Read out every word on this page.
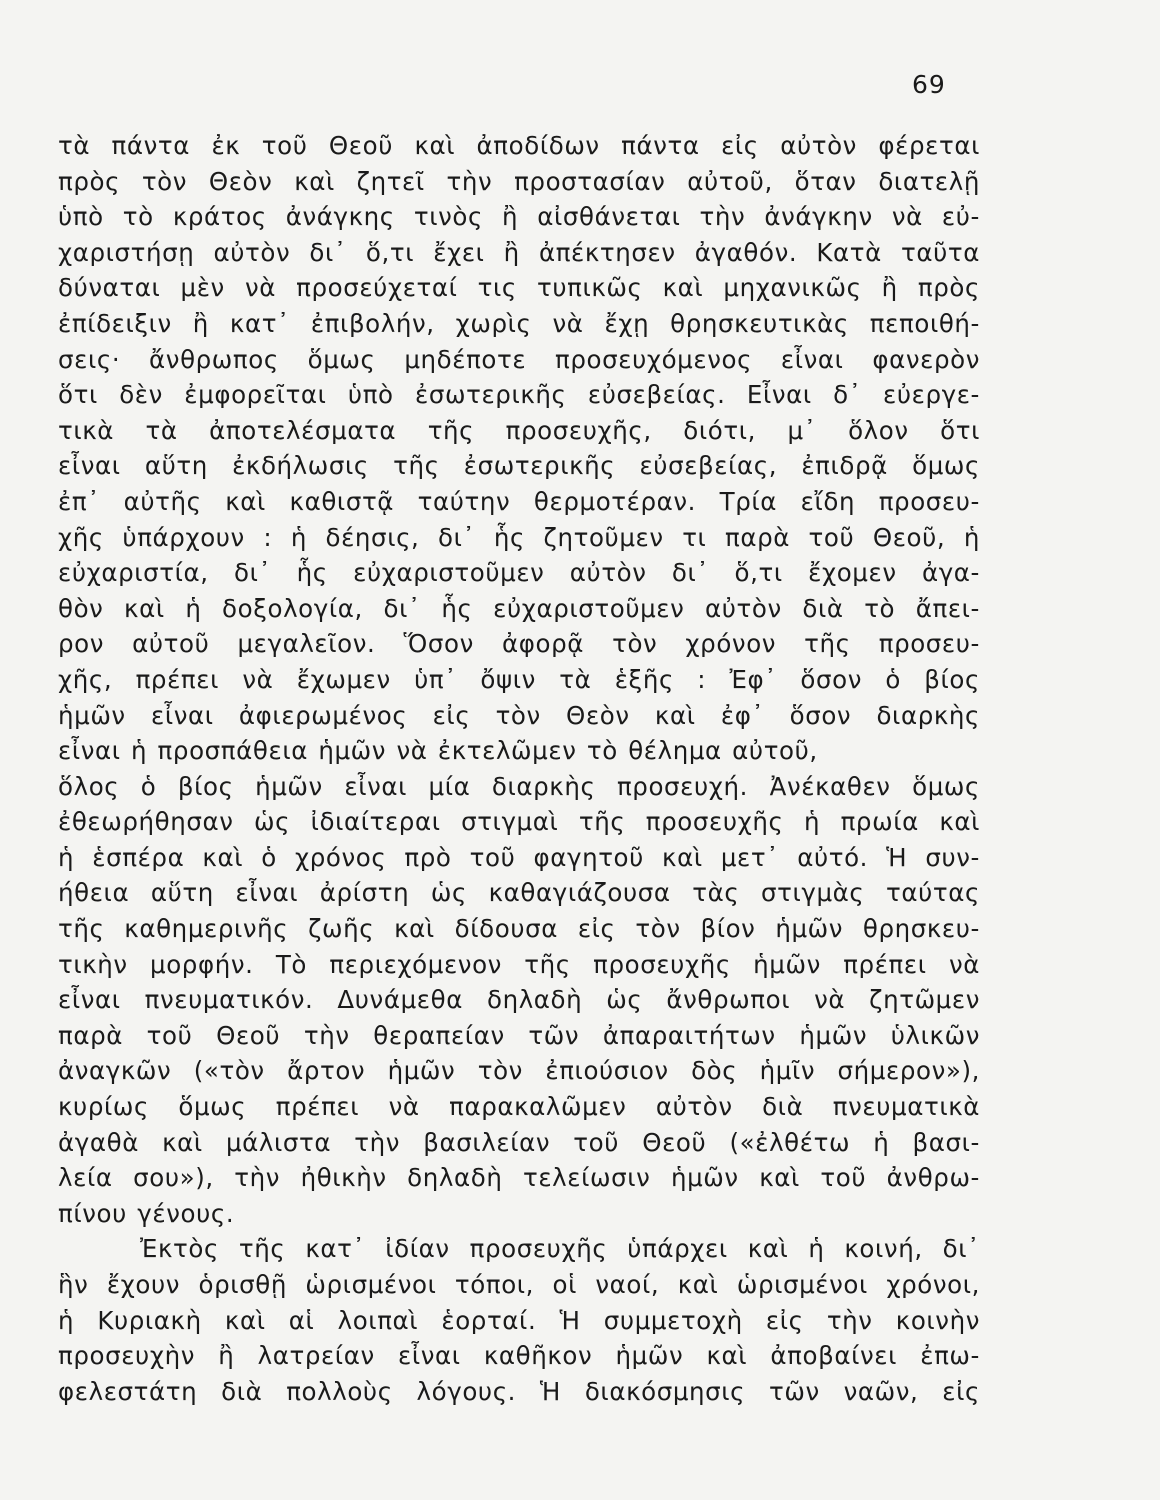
69
τὰ πάντα ἐκ τοῦ Θεοῦ καὶ ἀποδίδων πάντα εἰς αὐτὸν φέρεται
πρὸς τὸν Θεὸν καὶ ζητεῖ τὴν προστασίαν αὐτοῦ, ὅταν διατελῇ
ὑπὸ τὸ κράτος ἀνάγκης τινὸς ἢ αἰσθάνεται τὴν ἀνάγκην νὰ εὐ-
χαριστήσῃ αὐτὸν δι᾽ ὅ,τι ἔχει ἢ ἀπέκτησεν ἀγαθόν. Κατὰ ταῦτα
δύναται μὲν νὰ προσεύχεταί τις τυπικῶς καὶ μηχανικῶς ἢ πρὸς
ἐπίδειξιν ἢ κατ᾽ ἐπιβολήν, χωρὶς νὰ ἔχῃ θρησκευτικὰς πεποιθή-
σεις· ἄνθρωπος ὅμως μηδέποτε προσευχόμενος εἶναι φανερὸν
ὅτι δὲν ἐμφορεῖται ὑπὸ ἐσωτερικῆς εὐσεβείας. Εἶναι δ᾽ εὐεργε-
τικὰ τὰ ἀποτελέσματα τῆς προσευχῆς, διότι, μ᾽ ὅλον ὅτι
εἶναι αὕτη ἐκδήλωσις τῆς ἐσωτερικῆς εὐσεβείας, ἐπιδρᾷ ὅμως
ἐπ᾽ αὐτῆς καὶ καθιστᾷ ταύτην θερμοτέραν. Τρία εἴδη προσευ-
χῆς ὑπάρχουν : ἡ δέησις, δι᾽ ἧς ζητοῦμεν τι παρὰ τοῦ Θεοῦ, ἡ
εὐχαριστία, δι᾽ ἧς εὐχαριστοῦμεν αὐτὸν δι᾽ ὅ,τι ἔχομεν ἀγα-
θὸν καὶ ἡ δοξολογία, δι᾽ ἧς εὐχαριστοῦμεν αὐτὸν διὰ τὸ ἄπει-
ρον αὐτοῦ μεγαλεῖον. Ὅσον ἀφορᾷ τὸν χρόνον τῆς προσευ-
χῆς, πρέπει νὰ ἔχωμεν ὑπ᾽ ὄψιν τὰ ἑξῆς : Ἐφ᾽ ὅσον ὁ βίος
ἡμῶν εἶναι ἀφιερωμένος εἰς τὸν Θεὸν καὶ ἐφ᾽ ὅσον διαρκὴς
εἶναι ἡ προσπάθεια ἡμῶν νὰ ἐκτελῶμεν τὸ θέλημα αὐτοῦ,
ὅλος ὁ βίος ἡμῶν εἶναι μία διαρκὴς προσευχή. Ἀνέκαθεν ὅμως
ἐθεωρήθησαν ὡς ἰδιαίτεραι στιγμαὶ τῆς προσευχῆς ἡ πρωία καὶ
ἡ ἑσπέρα καὶ ὁ χρόνος πρὸ τοῦ φαγητοῦ καὶ μετ᾽ αὐτό. Ἡ συν-
ήθεια αὕτη εἶναι ἀρίστη ὡς καθαγιάζουσα τὰς στιγμὰς ταύτας
τῆς καθημερινῆς ζωῆς καὶ δίδουσα εἰς τὸν βίον ἡμῶν θρησκευ-
τικὴν μορφήν. Τὸ περιεχόμενον τῆς προσευχῆς ἡμῶν πρέπει νὰ
εἶναι πνευματικόν. Δυνάμεθα δηλαδὴ ὡς ἄνθρωποι νὰ ζητῶμεν
παρὰ τοῦ Θεοῦ τὴν θεραπείαν τῶν ἀπαραιτήτων ἡμῶν ὑλικῶν
ἀναγκῶν («τὸν ἄρτον ἡμῶν τὸν ἐπιούσιον δὸς ἡμῖν σήμερον»),
κυρίως ὅμως πρέπει νὰ παρακαλῶμεν αὐτὸν διὰ πνευματικὰ
ἀγαθὰ καὶ μάλιστα τὴν βασιλείαν τοῦ Θεοῦ («ἐλθέτω ἡ βασι-
λεία σου»), τὴν ἠθικὴν δηλαδὴ τελείωσιν ἡμῶν καὶ τοῦ ἀνθρω-
πίνου γένους.
Ἐκτὸς τῆς κατ᾽ ἰδίαν προσευχῆς ὑπάρχει καὶ ἡ κοινή, δι᾽
ἣν ἔχουν ὁρισθῇ ὡρισμένοι τόποι, οἱ ναοί, καὶ ὡρισμένοι χρόνοι,
ἡ Κυριακὴ καὶ αἱ λοιπαὶ ἑορταί. Ἡ συμμετοχὴ εἰς τὴν κοινὴν
προσευχὴν ἢ λατρείαν εἶναι καθῆκον ἡμῶν καὶ ἀποβαίνει ἐπω-
φελεστάτη διὰ πολλοὺς λόγους. Ἡ διακόσμησις τῶν ναῶν, εἰς
